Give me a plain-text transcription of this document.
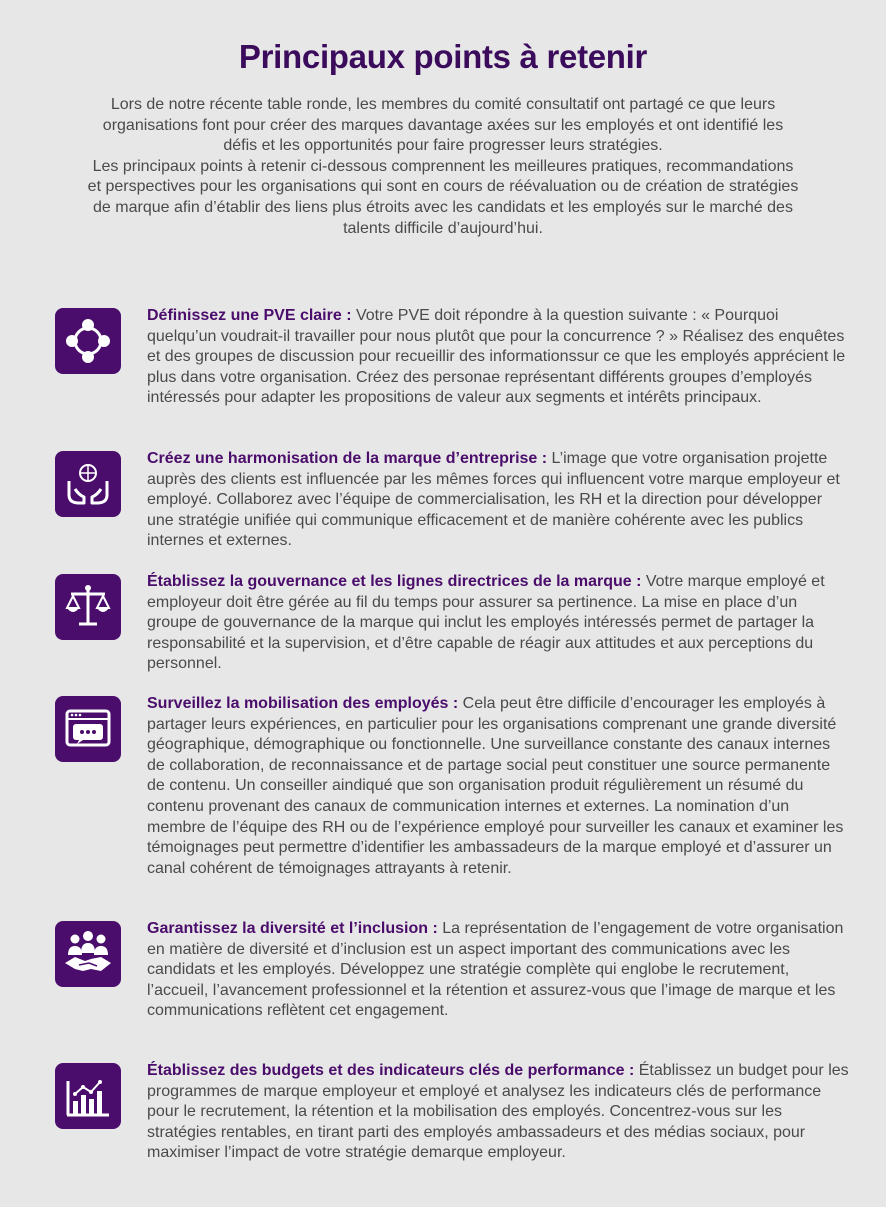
Principaux points à retenir

Lors de notre récente table ronde, les membres du comité consultatif ont partagé ce que leurs organisations font pour créer des marques davantage axées sur les employés et ont identifié les défis et les opportunités pour faire progresser leurs stratégies.

Les principaux points à retenir ci-dessous comprennent les meilleures pratiques, recommandations et perspectives pour les organisations qui sont en cours de réévaluation ou de création de stratégies de marque afin d’établir des liens plus étroits avec les candidats et les employés sur le marché des talents difficile d’aujourd’hui.

Définissez une PVE claire : Votre PVE doit répondre à la question suivante : « Pourquoi quelqu’un voudrait-il travailler pour nous plutôt que pour la concurrence ? » Réalisez des enquêtes et des groupes de discussion pour recueillir des informationssur ce que les employés apprécient le plus dans votre organisation. Créez des personae représentant différents groupes d’employés intéressés pour adapter les propositions de valeur aux segments et intérêts principaux.
Créez une harmonisation de la marque d’entreprise : L’image que votre organisation projette auprès des clients est influencée par les mêmes forces qui influencent votre marque employeur et employé. Collaborez avec l’équipe de commercialisation, les RH et la direction pour développer une stratégie unifiée qui communique efficacement et de manière cohérente avec les publics internes et externes.
Établissez la gouvernance et les lignes directrices de la marque : Votre marque employé et employeur doit être gérée au fil du temps pour assurer sa pertinence. La mise en place d’un groupe de gouvernance de la marque qui inclut les employés intéressés permet de partager la responsabilité et la supervision, et d’être capable de réagir aux attitudes et aux perceptions du personnel.
Surveillez la mobilisation des employés : Cela peut être difficile d’encourager les employés à partager leurs expériences, en particulier pour les organisations comprenant une grande diversité géographique, démographique ou fonctionnelle. Une surveillance constante des canaux internes de collaboration, de reconnaissance et de partage social peut constituer une source permanente de contenu. Un conseiller aindiqué que son organisation produit régulièrement un résumé du contenu provenant des canaux de communication internes et externes. La nomination d’un membre de l’équipe des RH ou de l’expérience employé pour surveiller les canaux et examiner les témoignages peut permettre d’identifier les ambassadeurs de la marque employé et d’assurer un canal cohérent de témoignages attrayants à retenir.
Garantissez la diversité et l’inclusion : La représentation de l’engagement de votre organisation en matière de diversité et d’inclusion est un aspect important des communications avec les candidats et les employés. Développez une stratégie complète qui englobe le recrutement, l’accueil, l’avancement professionnel et la rétention et assurez-vous que l’image de marque et les communications reflètent cet engagement.
Établissez des budgets et des indicateurs clés de performance : Établissez un budget pour les programmes de marque employeur et employé et analysez les indicateurs clés de performance pour le recrutement, la rétention et la mobilisation des employés. Concentrez-vous sur les stratégies rentables, en tirant parti des employés ambassadeurs et des médias sociaux, pour maximiser l’impact de votre stratégie demarque employeur.
